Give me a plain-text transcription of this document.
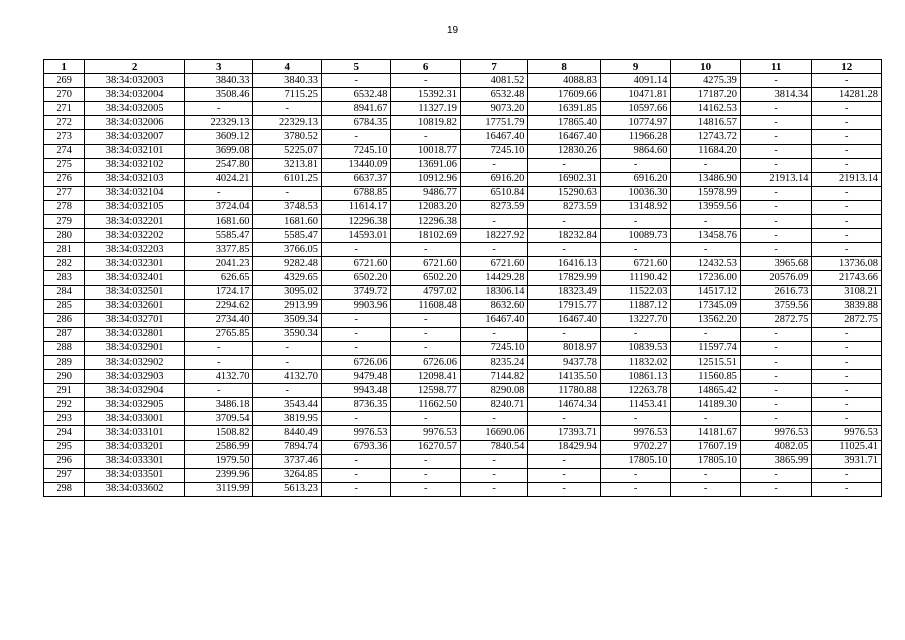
19
1	2	3	4	5	6	7	8	9	10	11	12
269	38:34:032003	3840.33	3840.33	-	-	4081.52	4088.83	4091.14	4275.39	-	-
270	38:34:032004	3508.46	7115.25	6532.48	15392.31	6532.48	17609.66	10471.81	17187.20	3814.34	14281.28
271	38:34:032005	-	-	8941.67	11327.19	9073.20	16391.85	10597.66	14162.53	-	-
272	38:34:032006	22329.13	22329.13	6784.35	10819.82	17751.79	17865.40	10774.97	14816.57	-	-
273	38:34:032007	3609.12	3780.52	-	-	16467.40	16467.40	11966.28	12743.72	-	-
274	38:34:032101	3699.08	5225.07	7245.10	10018.77	7245.10	12830.26	9864.60	11684.20	-	-
275	38:34:032102	2547.80	3213.81	13440.09	13691.06	-	-	-	-	-	-
276	38:34:032103	4024.21	6101.25	6637.37	10912.96	6916.20	16902.31	6916.20	13486.90	21913.14	21913.14
277	38:34:032104	-	-	6788.85	9486.77	6510.84	15290.63	10036.30	15978.99	-	-
278	38:34:032105	3724.04	3748.53	11614.17	12083.20	8273.59	8273.59	13148.92	13959.56	-	-
279	38:34:032201	1681.60	1681.60	12296.38	12296.38	-	-	-	-	-	-
280	38:34:032202	5585.47	5585.47	14593.01	18102.69	18227.92	18232.84	10089.73	13458.76	-	-
281	38:34:032203	3377.85	3766.05	-	-	-	-	-	-	-	-
282	38:34:032301	2041.23	9282.48	6721.60	6721.60	6721.60	16416.13	6721.60	12432.53	3965.68	13736.08
283	38:34:032401	626.65	4329.65	6502.20	6502.20	14429.28	17829.99	11190.42	17236.00	20576.09	21743.66
284	38:34:032501	1724.17	3095.02	3749.72	4797.02	18306.14	18323.49	11522.03	14517.12	2616.73	3108.21
285	38:34:032601	2294.62	2913.99	9903.96	11608.48	8632.60	17915.77	11887.12	17345.09	3759.56	3839.88
286	38:34:032701	2734.40	3509.34	-	-	16467.40	16467.40	13227.70	13562.20	2872.75	2872.75
287	38:34:032801	2765.85	3590.34	-	-	-	-	-	-	-	-
288	38:34:032901	-	-	-	-	7245.10	8018.97	10839.53	11597.74	-	-
289	38:34:032902	-	-	6726.06	6726.06	8235.24	9437.78	11832.02	12515.51	-	-
290	38:34:032903	4132.70	4132.70	9479.48	12098.41	7144.82	14135.50	10861.13	11560.85	-	-
291	38:34:032904	-	-	9943.48	12598.77	8290.08	11780.88	12263.78	14865.42	-	-
292	38:34:032905	3486.18	3543.44	8736.35	11662.50	8240.71	14674.34	11453.41	14189.30	-	-
293	38:34:033001	3709.54	3819.95	-	-	-	-	-	-	-	-
294	38:34:033101	1508.82	8440.49	9976.53	9976.53	16690.06	17393.71	9976.53	14181.67	9976.53	9976.53
295	38:34:033201	2586.99	7894.74	6793.36	16270.57	7840.54	18429.94	9702.27	17607.19	4082.05	11025.41
296	38:34:033301	1979.50	3737.46	-	-	-	-	17805.10	17805.10	3865.99	3931.71
297	38:34:033501	2399.96	3264.85	-	-	-	-	-	-	-	-
298	38:34:033602	3119.99	5613.23	-	-	-	-	-	-	-	-
